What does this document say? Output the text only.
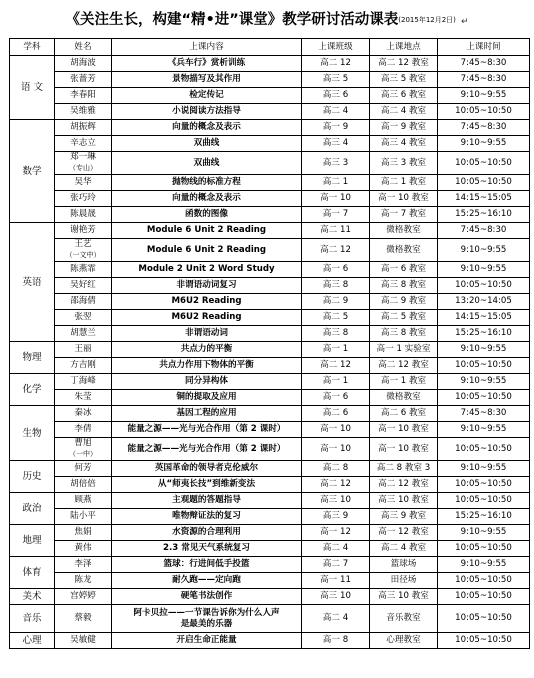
《关注生长，构建“精•进”课堂》教学研讨活动课表(2015年12月2日) ↵
学科	姓名	上课内容	上课班级	上课地点	上课时间
语 文	胡海波	《兵车行》赏析训练	高二 12	高二 12 教室	7:45~8:30

	张蔷芳	景物描写及其作用	高三 5	高三 5 教室	7:45~8:30

	李春阳	检定传记	高三 6	高三 6 教室	9:10~9:55

	吴维雅	小说阅读方法指导	高二 4	高二 4 教室	10:05~10:50
数学	胡振辉	向量的概念及表示	高一 9	高一 9 教室	7:45~8:30

	辛志立	双曲线	高三 4	高三 4 教室	9:10~9:55

	郑一琳
（专山）	双曲线	高三 3	高三 3 教室	10:05~10:50

	吴华	抛物线的标准方程	高二 1	高二 1 教室	10:05~10:50

	张巧玲	向量的概念及表示	高一 10	高一 10 教室	14:15~15:05

	陈晨晟	函数的图像	高一 7	高一 7 教室	15:25~16:10
英语	谢艳芳	Module 6 Unit 2 Reading	高二 11	微格教室	7:45~8:30

	王艺
（一文中）	Module 6 Unit 2 Reading	高二 12	微格教室	9:10~9:55

	陈燕霏	Module 2 Unit 2 Word Study	高一 6	高一 6 教室	9:10~9:55

	吴好红	非谓语动词复习	高三 8	高三 8 教室	10:05~10:50

	邵海倩	M6U2 Reading	高二 9	高二 9 教室	13:20~14:05

	张翌	M6U2 Reading	高二 5	高二 5 教室	14:15~15:05

	胡慧兰	非谓语动词	高三 8	高三 8 教室	15:25~16:10
物理	王丽	共点力的平衡	高一 1	高一 1 实验室	9:10~9:55

	方吉刚	共点力作用下物体的平衡	高二 12	高二 12 教室	10:05~10:50
化学	丁海峰	同分异构体	高一 1	高一 1 教室	9:10~9:55

	朱莹	铜的提取及应用	高一 6	微格教室	10:05~10:50
生物	秦冰	基因工程的应用	高二 6	高二 6 教室	7:45~8:30

	李倩	能量之源——光与光合作用（第 2 课时）	高一 10	高一 10 教室	9:10~9:55

	曹旭
（一中）	能量之源——光与光合作用（第 2 课时）	高一 10	高一 10 教室	10:05~10:50
历史	何芳	英国革命的领导者克伦威尔	高二 8	高二 8 教室 3	9:10~9:55

	胡倍倍	从“师夷长技”到维新变法	高二 12	高二 12 教室	10:05~10:50
政治	顾燕	主观题的答题指导	高三 10	高三 10 教室	10:05~10:50

	陆小平	唯物辩证法的复习	高三 9	高三 9 教室	15:25~16:10
地理	焦娟	水资源的合理利用	高一 12	高一 12 教室	9:10~9:55

	黄伟	2.3 常见天气系统复习	高二 4	高二 4 教室	10:05~10:50
体育	李泽	篮球：行进间低手投篮	高二 7	篮球场	9:10~9:55

	陈龙	耐久跑——定向跑	高一 11	田径场	10:05~10:50
美术	宫婷婷	硬笔书法创作	高三 10	高三 10 教室	10:05~10:50
音乐	蔡毅	阿卡贝拉——一节课告诉你为什么人声
是最美的乐器	高二 4	音乐教室	10:05~10:50
心理	吴敏健	开启生命正能量	高一 8	心理教室	10:05~10:50
